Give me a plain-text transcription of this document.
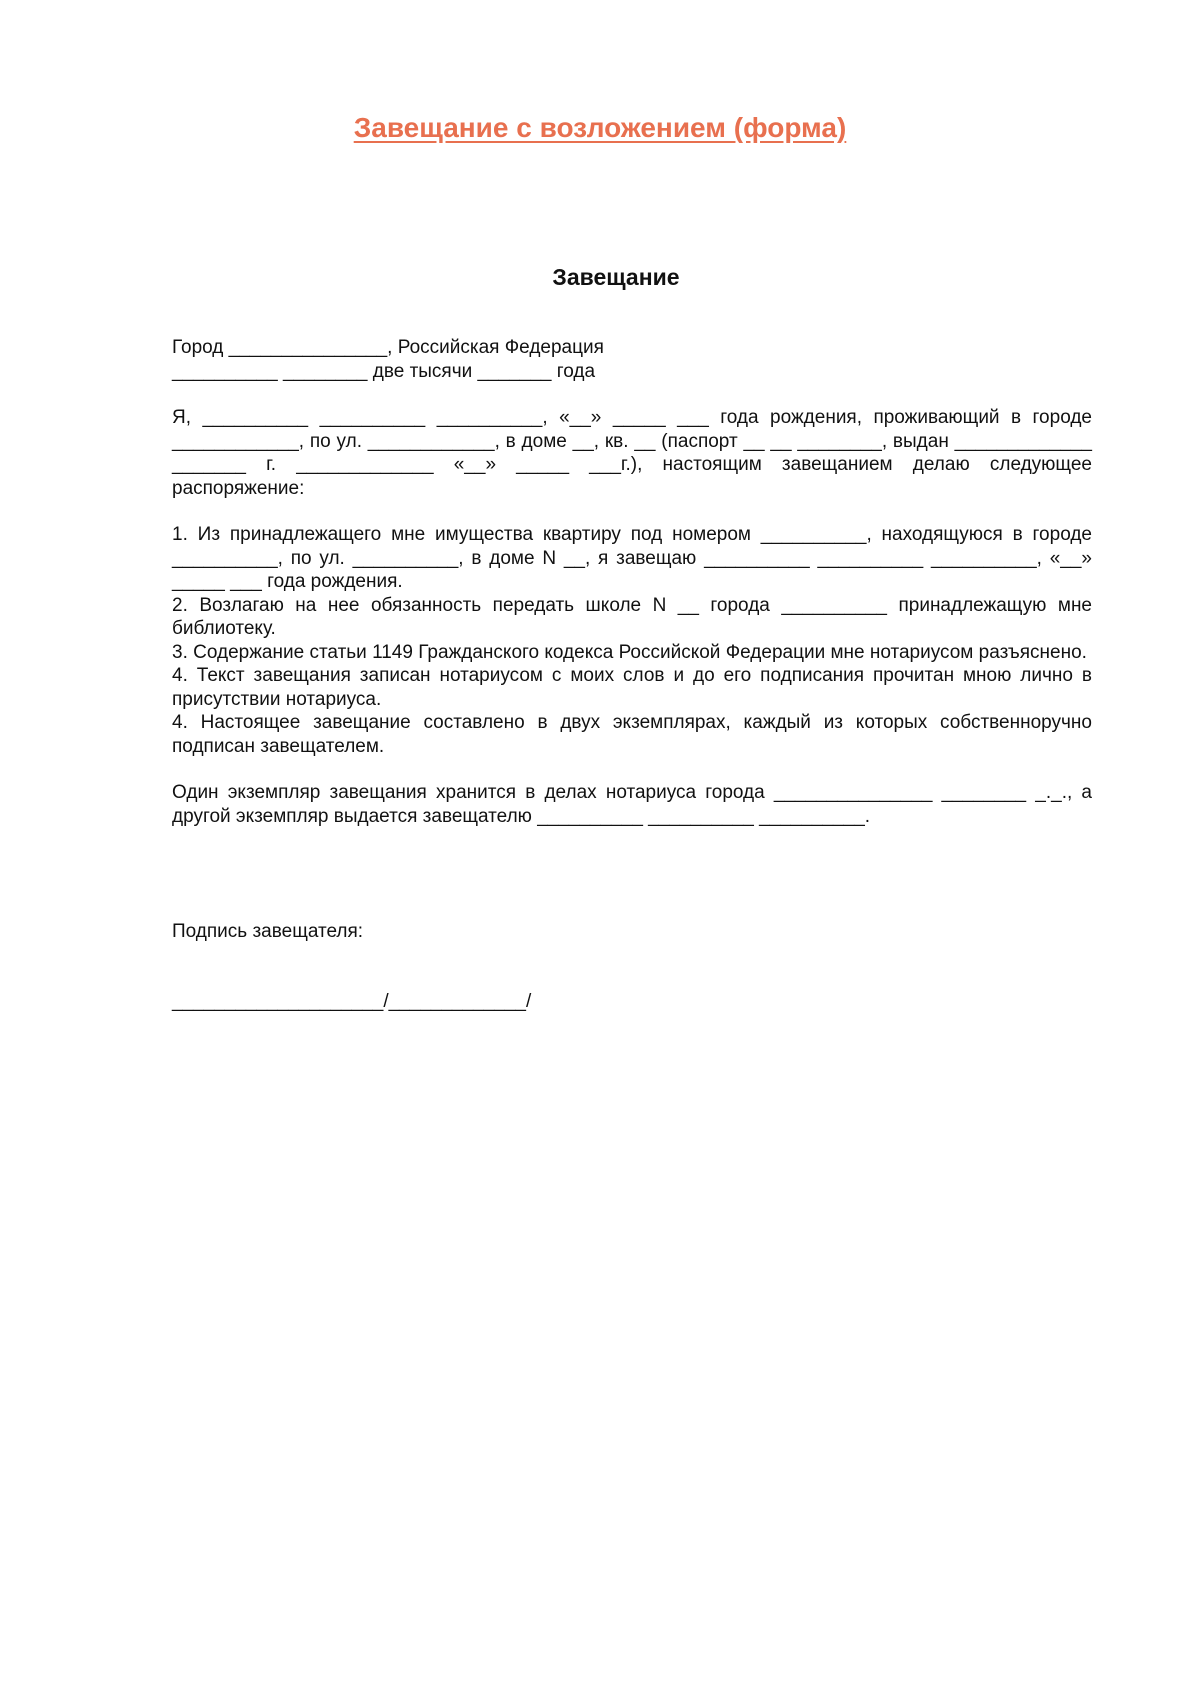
Завещание с возложением (форма)
Завещание

Город _______________, Российская Федерация

__________ ________ две тысячи _______ года

Я, __________ __________ __________, «__» _____ ___ года рождения, проживающий в городе ____________, по ул. ____________, в доме __, кв. __ (паспорт __ __ ________, выдан _____________ _______ г. _____________ «__» _____ ___г.), настоящим завещанием делаю следующее распоряжение:

1. Из принадлежащего мне имущества квартиру под номером __________, находящуюся в городе __________, по ул. __________, в доме N __, я завещаю __________ __________ __________, «__» _____ ___ года рождения.

2. Возлагаю на нее обязанность передать школе N __ города __________ принадлежащую мне библиотеку.

3. Содержание статьи 1149 Гражданского кодекса Российской Федерации мне нотариусом разъяснено.

4. Текст завещания записан нотариусом с моих слов и до его подписания прочитан мною лично в присутствии нотариуса.

4. Настоящее завещание составлено в двух экземплярах, каждый из которых собственноручно подписан завещателем.

Один экземпляр завещания хранится в делах нотариуса города _______________ ________ _._., а другой экземпляр выдается завещателю __________ __________ __________.

Подпись завещателя:

____________________/_____________/
